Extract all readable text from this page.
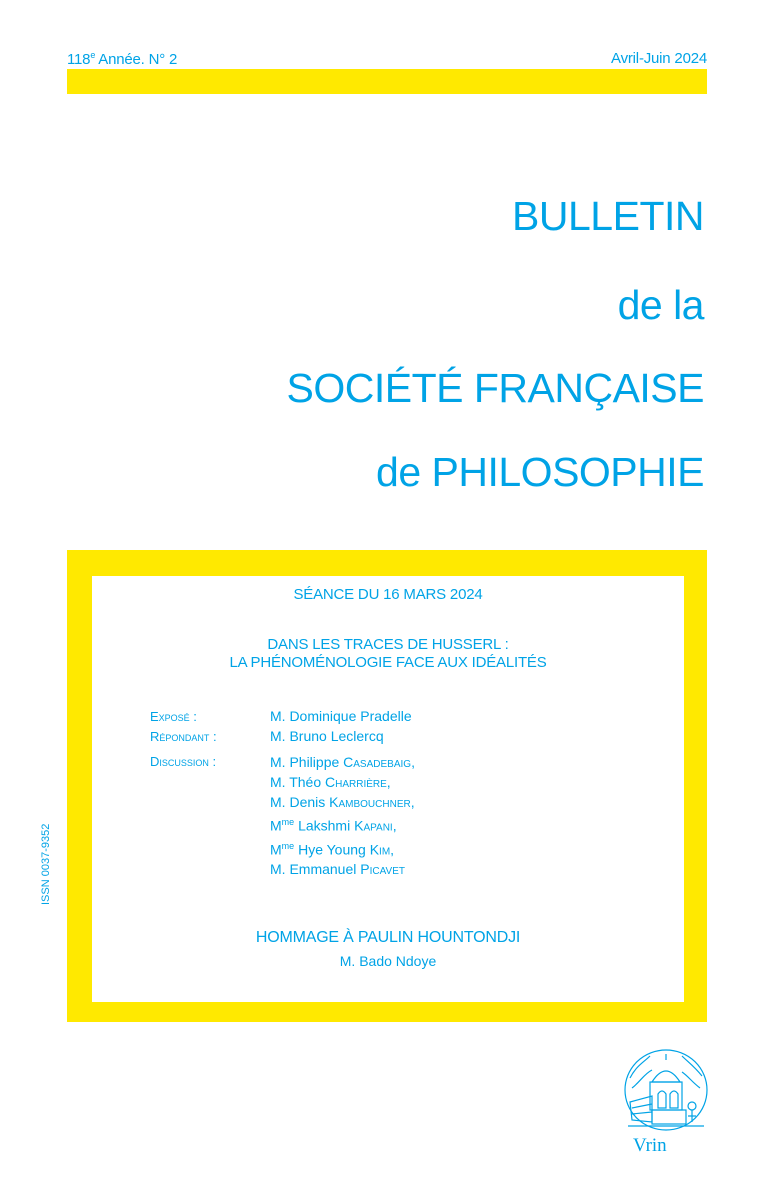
118e Année. N° 2	Avril-Juin 2024
BULLETIN
de la
SOCIÉTÉ FRANÇAISE
de PHILOSOPHIE
SÉANCE DU 16 MARS 2024
DANS LES TRACES DE HUSSERL :
LA PHÉNOMÉNOLOGIE FACE AUX IDÉALITÉS
Exposé :	M. Dominique Pradelle
Répondant :	M. Bruno Leclercq
Discussion :	M. Philippe Casadebaig,
M. Théo Charrière,
M. Denis Kambouchner,
$M^{me}$ Lakshmi Kapani,
$M^{me}$ Hye Young Kim,
M. Emmanuel Picavet
HOMMAGE À PAULIN HOUNTONDJI
M. Bado Ndoye
ISSN 0037-9352
Vrin
